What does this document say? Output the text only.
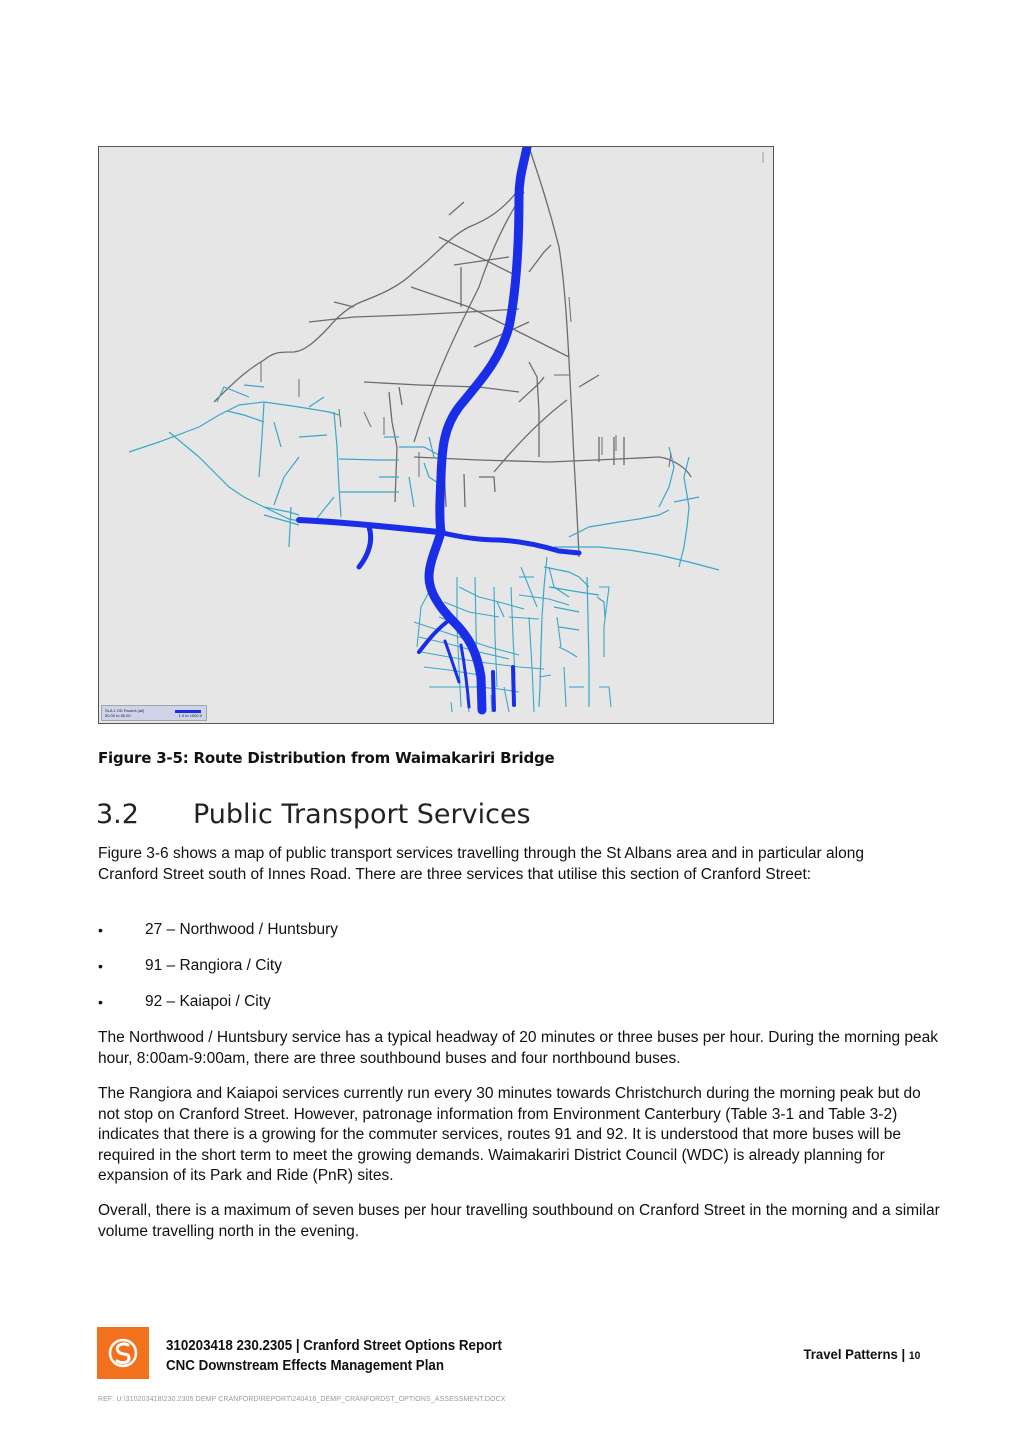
SLA 1 OD Routes (all)
50.00 to 80.00	1.0 to 1500.0
Figure 3-5: Route Distribution from Waimakariri Bridge
3.2 Public Transport Services

Figure 3-6 shows a map of public transport services travelling through the St Albans area and in particular along Cranford Street south of Innes Road. There are three services that utilise this section of Cranford Street:

•	27 – Northwood / Huntsbury
•	91 – Rangiora / City
•	92 – Kaiapoi / City

The Northwood / Huntsbury service has a typical headway of 20 minutes or three buses per hour. During the morning peak hour, 8:00am-9:00am, there are three southbound buses and four northbound buses.

The Rangiora and Kaiapoi services currently run every 30 minutes towards Christchurch during the morning peak but do not stop on Cranford Street. However, patronage information from Environment Canterbury (Table 3-1 and Table 3-2) indicates that there is a growing for the commuter services, routes 91 and 92. It is understood that more buses will be required in the short term to meet the growing demands. Waimakariri District Council (WDC) is already planning for expansion of its Park and Ride (PnR) sites.

Overall, there is a maximum of seven buses per hour travelling southbound on Cranford Street in the morning and a similar volume travelling north in the evening.

310203418 230.2305 | Cranford Street Options Report
CNC Downstream Effects Management Plan
Travel Patterns | 10
REF: U:\310203418\230.2305 DEMP CRANFORD\REPORT\240416_DEMP_CRANFORDST_OPTIONS_ASSESSMENT.DOCX
